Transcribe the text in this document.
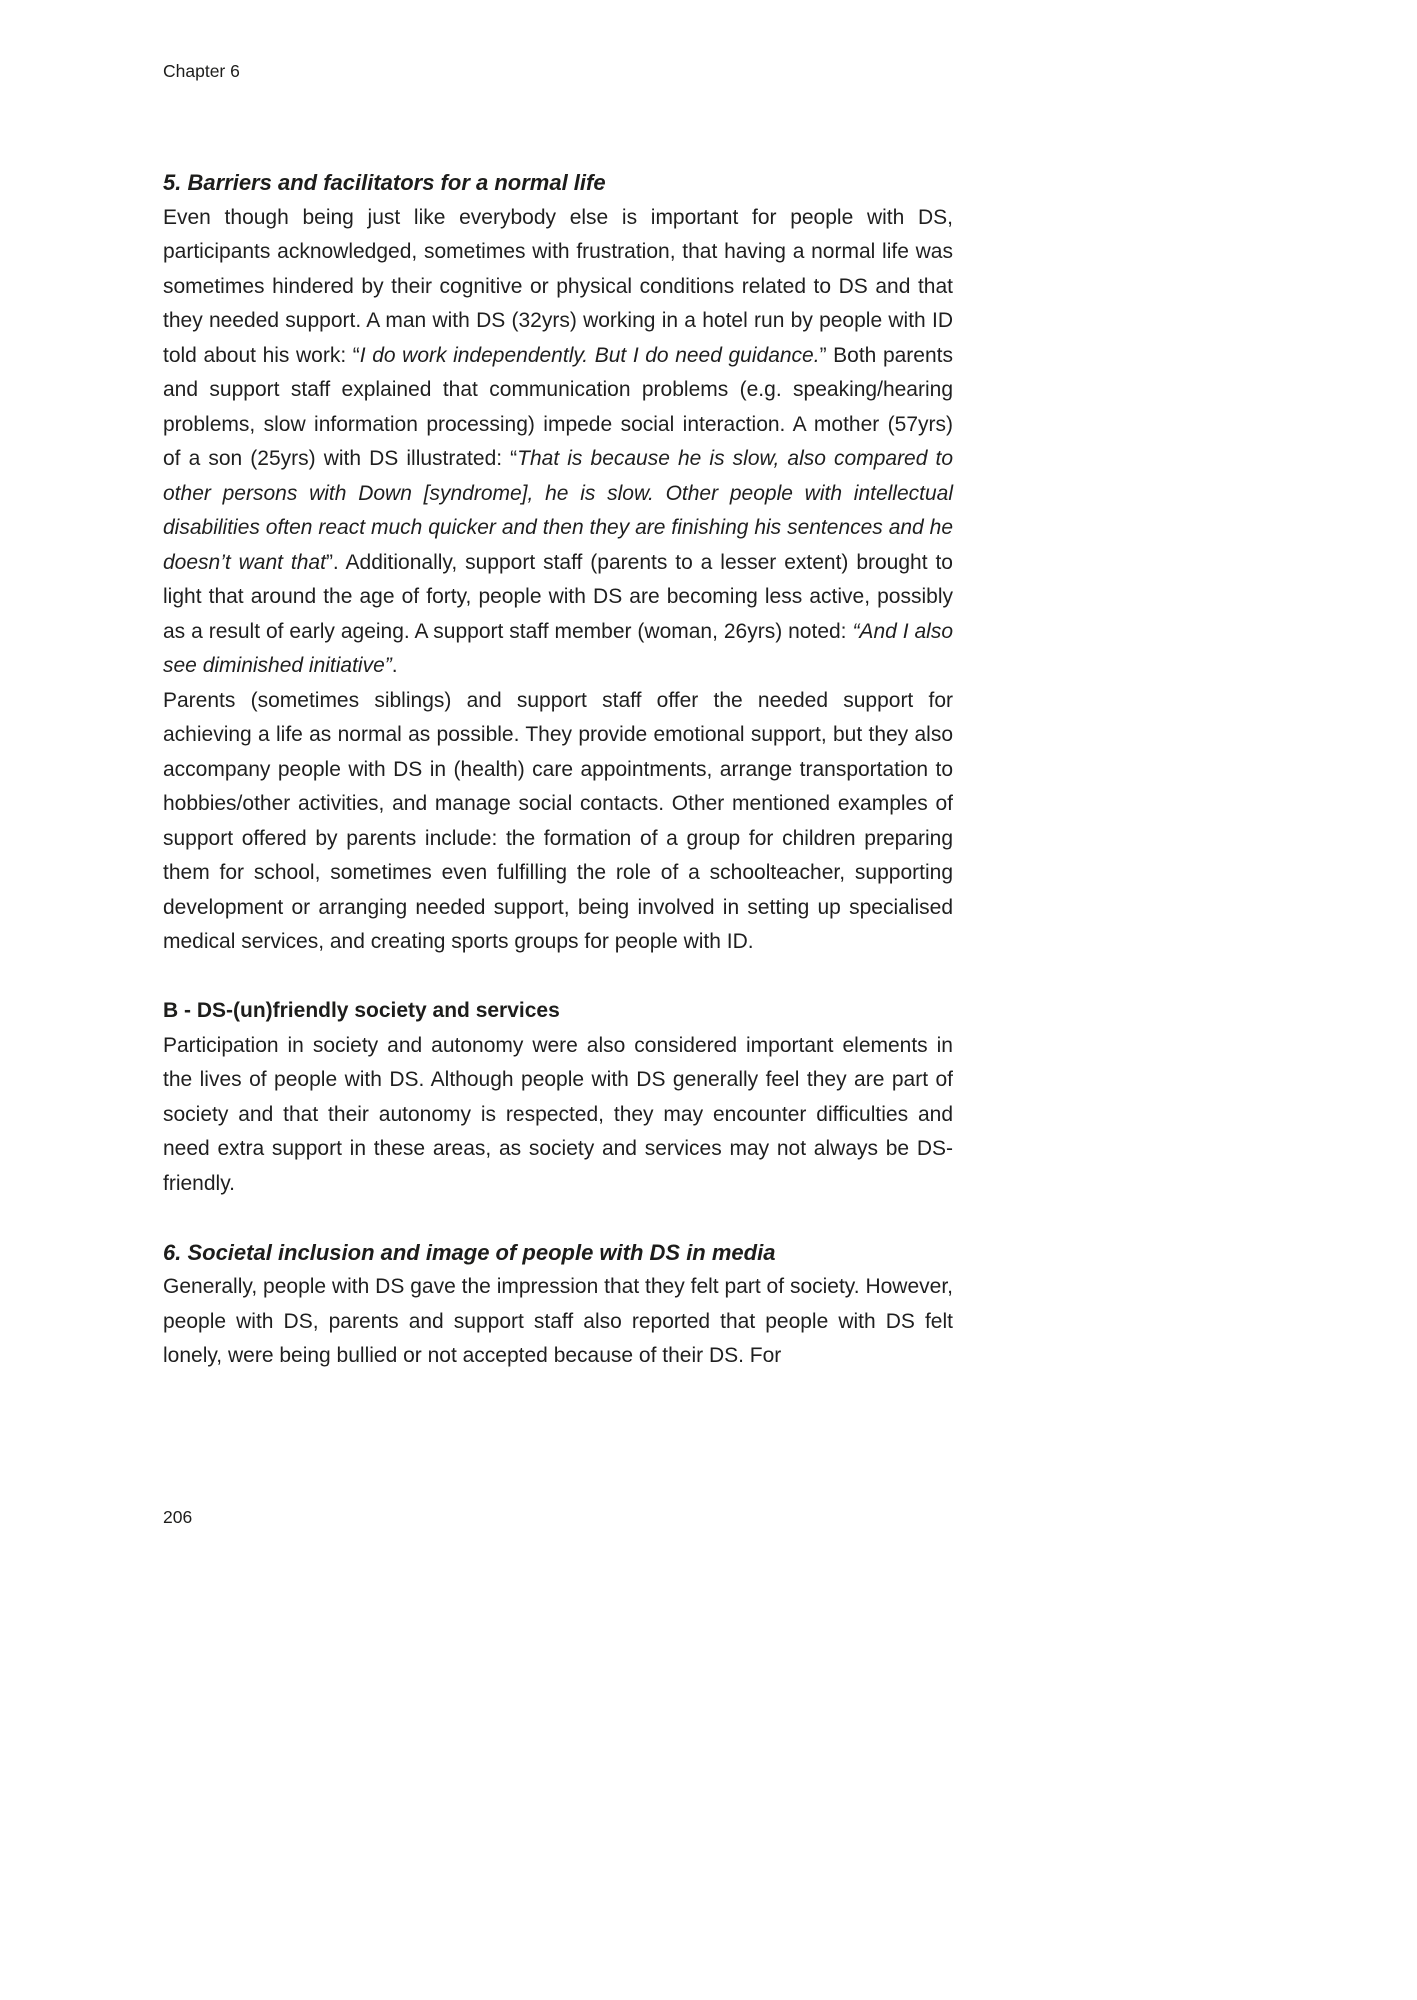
Chapter 6
5. Barriers and facilitators for a normal life

Even though being just like everybody else is important for people with DS, participants acknowledged, sometimes with frustration, that having a normal life was sometimes hindered by their cognitive or physical conditions related to DS and that they needed support. A man with DS (32yrs) working in a hotel run by people with ID told about his work: “I do work independently. But I do need guidance.” Both parents and support staff explained that communication problems (e.g. speaking/hearing problems, slow information processing) impede social interaction. A mother (57yrs) of a son (25yrs) with DS illustrated: “That is because he is slow, also compared to other persons with Down [syndrome], he is slow. Other people with intellectual disabilities often react much quicker and then they are finishing his sentences and he doesn’t want that”. Additionally, support staff (parents to a lesser extent) brought to light that around the age of forty, people with DS are becoming less active, possibly as a result of early ageing. A support staff member (woman, 26yrs) noted: “And I also see diminished initiative”.

Parents (sometimes siblings) and support staff offer the needed support for achieving a life as normal as possible. They provide emotional support, but they also accompany people with DS in (health) care appointments, arrange transportation to hobbies/other activities, and manage social contacts. Other mentioned examples of support offered by parents include: the formation of a group for children preparing them for school, sometimes even fulfilling the role of a schoolteacher, supporting development or arranging needed support, being involved in setting up specialised medical services, and creating sports groups for people with ID.

B - DS-(un)friendly society and services

Participation in society and autonomy were also considered important elements in the lives of people with DS. Although people with DS generally feel they are part of society and that their autonomy is respected, they may encounter difficulties and need extra support in these areas, as society and services may not always be DS-friendly.

6. Societal inclusion and image of people with DS in media

Generally, people with DS gave the impression that they felt part of society. However, people with DS, parents and support staff also reported that people with DS felt lonely, were being bullied or not accepted because of their DS. For

206
